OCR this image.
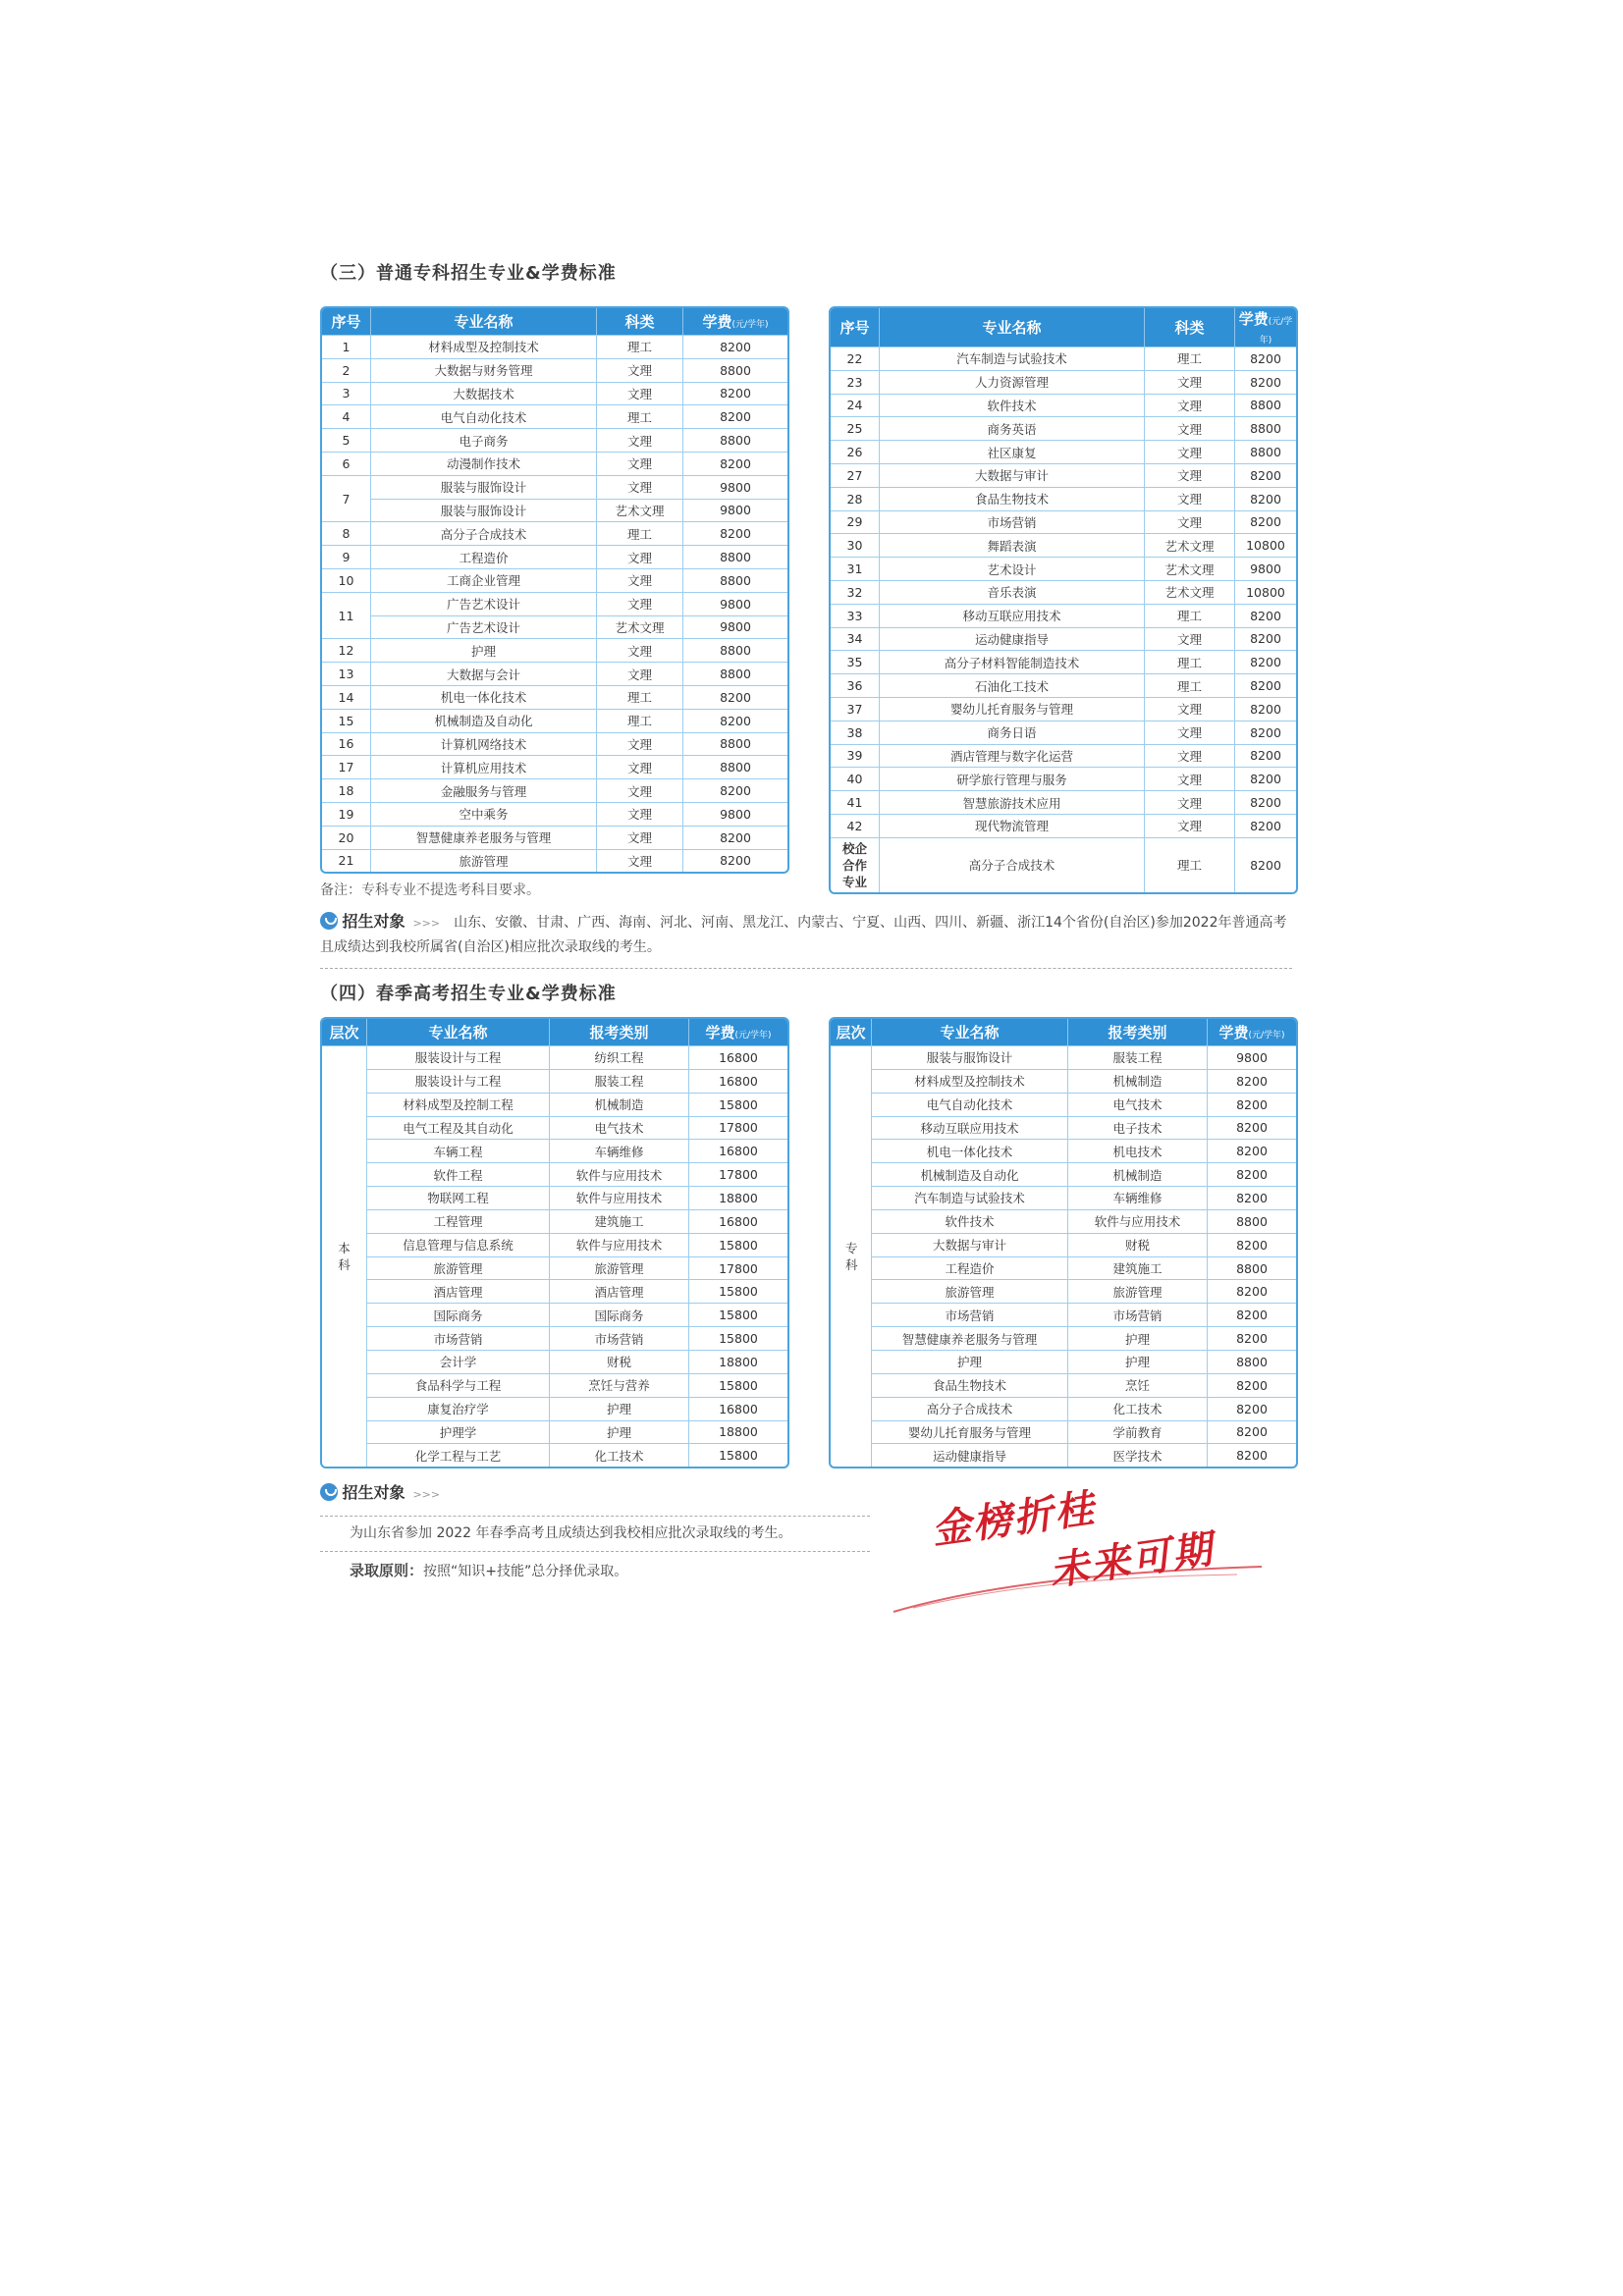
（三）普通专科招生专业&学费标准
序号	专业名称	科类	学费(元/学年)
1	材料成型及控制技术	理工	8200
2	大数据与财务管理	文理	8800
3	大数据技术	文理	8200
4	电气自动化技术	理工	8200
5	电子商务	文理	8800
6	动漫制作技术	文理	8200
7	服装与服饰设计	文理	9800
	服装与服饰设计	艺术文理	9800
8	高分子合成技术	理工	8200
9	工程造价	文理	8800
10	工商企业管理	文理	8800
11	广告艺术设计	文理	9800
	广告艺术设计	艺术文理	9800
12	护理	文理	8800
13	大数据与会计	文理	8800
14	机电一体化技术	理工	8200
15	机械制造及自动化	理工	8200
16	计算机网络技术	文理	8800
17	计算机应用技术	文理	8800
18	金融服务与管理	文理	8200
19	空中乘务	文理	9800
20	智慧健康养老服务与管理	文理	8200
21	旅游管理	文理	8200
序号	专业名称	科类	学费(元/学年)
22	汽车制造与试验技术	理工	8200
23	人力资源管理	文理	8200
24	软件技术	文理	8800
25	商务英语	文理	8800
26	社区康复	文理	8800
27	大数据与审计	文理	8200
28	食品生物技术	文理	8200
29	市场营销	文理	8200
30	舞蹈表演	艺术文理	10800
31	艺术设计	艺术文理	9800
32	音乐表演	艺术文理	10800
33	移动互联应用技术	理工	8200
34	运动健康指导	文理	8200
35	高分子材料智能制造技术	理工	8200
36	石油化工技术	理工	8200
37	婴幼儿托育服务与管理	文理	8200
38	商务日语	文理	8200
39	酒店管理与数字化运营	文理	8200
40	研学旅行管理与服务	文理	8200
41	智慧旅游技术应用	文理	8200
42	现代物流管理	文理	8200
校企合作专业	高分子合成技术	理工	8200
备注：专科专业不提选考科目要求。
招生对象 >>> 山东、安徽、甘肃、广西、海南、河北、河南、黑龙江、内蒙古、宁夏、山西、四川、新疆、浙江14个省份(自治区)参加2022年普通高考且成绩达到我校所属省(自治区)相应批次录取线的考生。
（四）春季高考招生专业&学费标准
层次	专业名称	报考类别	学费(元/学年)
本科	服装设计与工程	纺织工程	16800
	服装设计与工程	服装工程	16800
	材料成型及控制工程	机械制造	15800
	电气工程及其自动化	电气技术	17800
	车辆工程	车辆维修	16800
	软件工程	软件与应用技术	17800
	物联网工程	软件与应用技术	18800
	工程管理	建筑施工	16800
	信息管理与信息系统	软件与应用技术	15800
	旅游管理	旅游管理	17800
	酒店管理	酒店管理	15800
	国际商务	国际商务	15800
	市场营销	市场营销	15800
	会计学	财税	18800
	食品科学与工程	烹饪与营养	15800
	康复治疗学	护理	16800
	护理学	护理	18800
	化学工程与工艺	化工技术	15800
层次	专业名称	报考类别	学费(元/学年)
专科	服装与服饰设计	服装工程	9800
	材料成型及控制技术	机械制造	8200
	电气自动化技术	电气技术	8200
	移动互联应用技术	电子技术	8200
	机电一体化技术	机电技术	8200
	机械制造及自动化	机械制造	8200
	汽车制造与试验技术	车辆维修	8200
	软件技术	软件与应用技术	8800
	大数据与审计	财税	8200
	工程造价	建筑施工	8800
	旅游管理	旅游管理	8200
	市场营销	市场营销	8200
	智慧健康养老服务与管理	护理	8200
	护理	护理	8800
	食品生物技术	烹饪	8200
	高分子合成技术	化工技术	8200
	婴幼儿托育服务与管理	学前教育	8200
	运动健康指导	医学技术	8200
招生对象 >>>
为山东省参加 2022 年春季高考且成绩达到我校相应批次录取线的考生。
录取原则：按照“知识+技能”总分择优录取。
金榜折桂
未来可期
